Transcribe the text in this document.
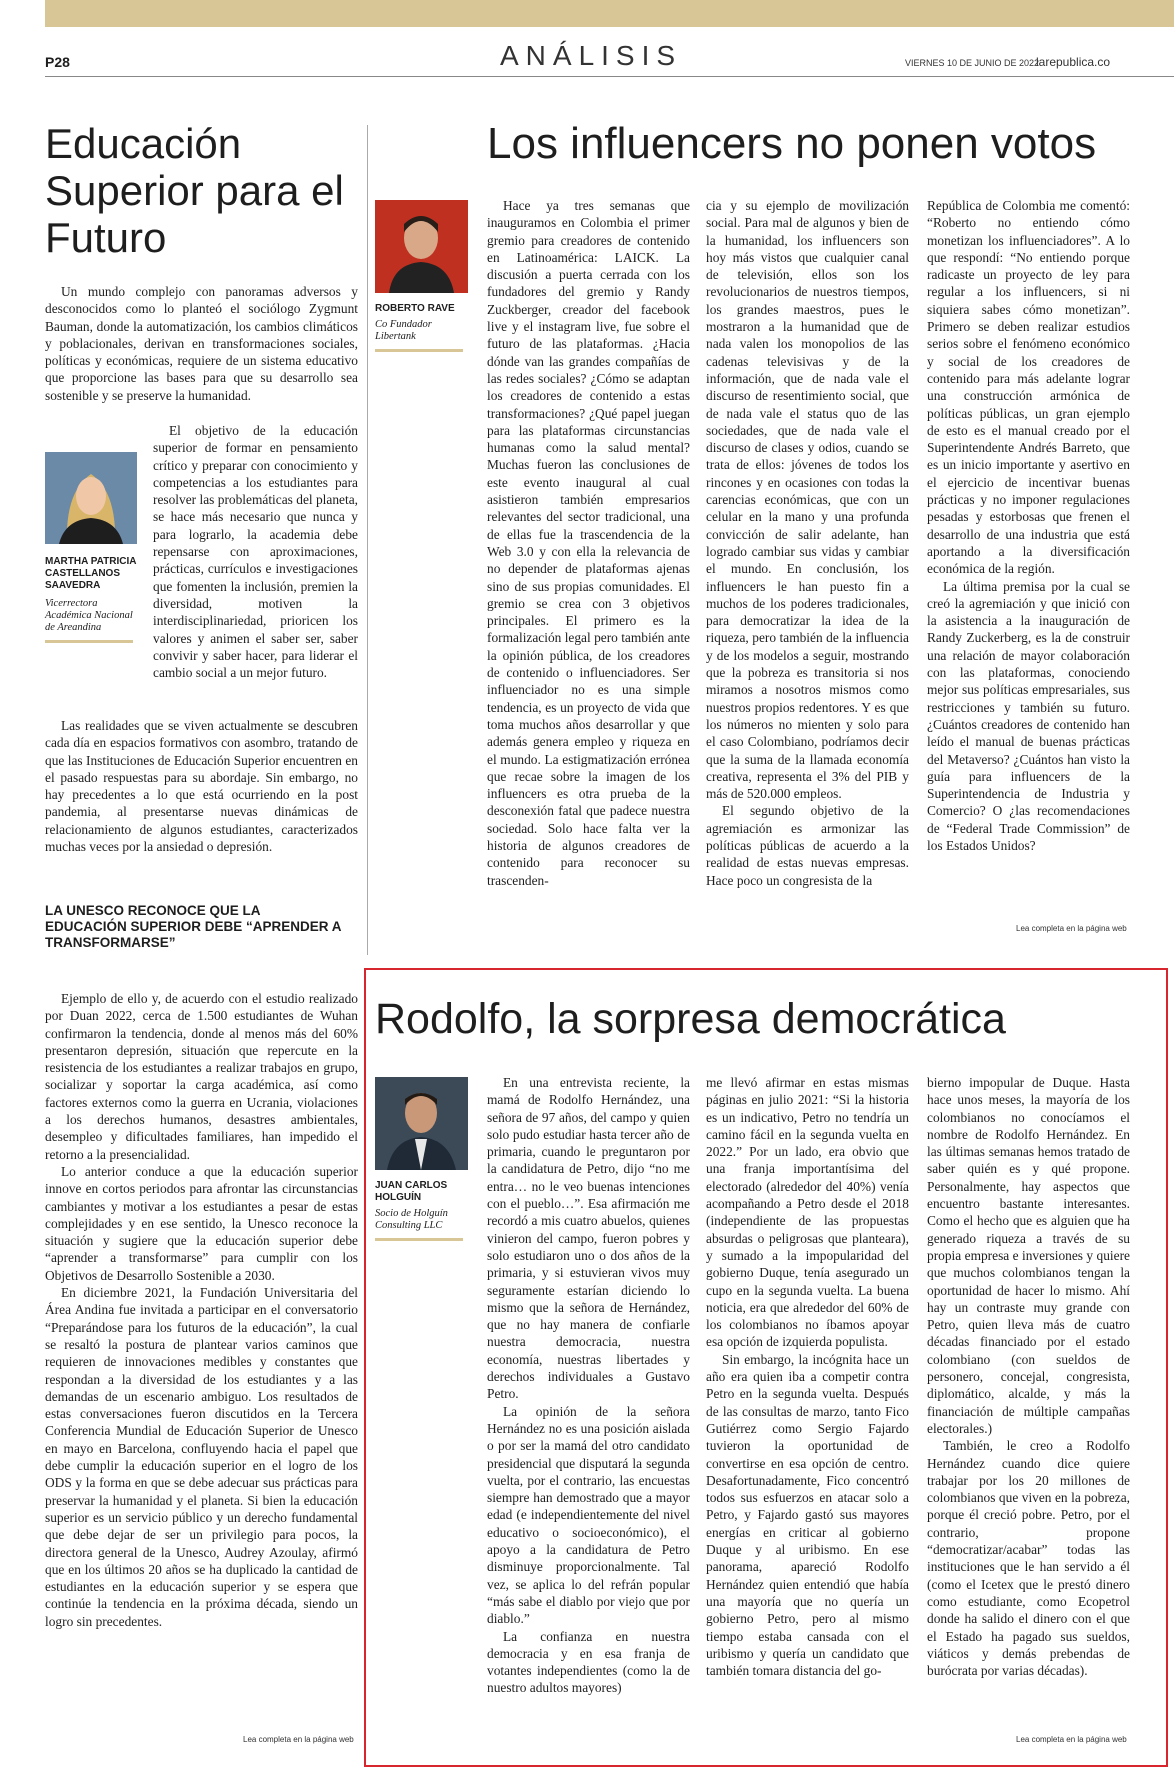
P28	ANÁLISIS	VIERNES 10 DE JUNIO DE 2022
larepublica.co
Educación Superior para el Futuro

Un mundo complejo con panoramas adversos y desconocidos como lo planteó el sociólogo Zygmunt Bauman, donde la automatización, los cambios climáticos y poblacionales, derivan en transformaciones sociales, políticas y económicas, requiere de un sistema educativo que proporcione las bases para que su desarrollo sea sostenible y se preserve la humanidad.

MARTHA PATRICIA CASTELLANOS SAAVEDRA
Vicerrectora Académica Nacional de Areandina

El objetivo de la educación superior de formar en pensamiento crítico y preparar con conocimiento y competencias a los estudiantes para resolver las problemáticas del planeta, se hace más necesario que nunca y para lograrlo, la academia debe repensarse con aproximaciones, prácticas, currículos e investigaciones que fomenten la inclusión, premien la diversidad, motiven la interdisciplinariedad, prioricen los valores y animen el saber ser, saber convivir y saber hacer, para liderar el cambio social a un mejor futuro.

Las realidades que se viven actualmente se descubren cada día en espacios formativos con asombro, tratando de que las Instituciones de Educación Superior encuentren en el pasado respuestas para su abordaje. Sin embargo, no hay precedentes a lo que está ocurriendo en la post pandemia, al presentarse nuevas dinámicas de relacionamiento de algunos estudiantes, caracterizados muchas veces por la ansiedad o depresión.

LA UNESCO RECONOCE QUE LA EDUCACIÓN SUPERIOR DEBE “APRENDER A TRANSFORMARSE”

Ejemplo de ello y, de acuerdo con el estudio realizado por Duan 2022, cerca de 1.500 estudiantes de Wuhan confirmaron la tendencia, donde al menos más del 60% presentaron depresión, situación que repercute en la resistencia de los estudiantes a realizar trabajos en grupo, socializar y soportar la carga académica, así como factores externos como la guerra en Ucrania, violaciones a los derechos humanos, desastres ambientales, desempleo y dificultades familiares, han impedido el retorno a la presencialidad.

Lo anterior conduce a que la educación superior innove en cortos periodos para afrontar las circunstancias cambiantes y motivar a los estudiantes a pesar de estas complejidades y en ese sentido, la Unesco reconoce la situación y sugiere que la educación superior debe “aprender a transformarse” para cumplir con los Objetivos de Desarrollo Sostenible a 2030.

En diciembre 2021, la Fundación Universitaria del Área Andina fue invitada a participar en el conversatorio “Preparándose para los futuros de la educación”, la cual se resaltó la postura de plantear varios caminos que requieren de innovaciones medibles y constantes que respondan a la diversidad de los estudiantes y a las demandas de un escenario ambiguo. Los resultados de estas conversaciones fueron discutidos en la Tercera Conferencia Mundial de Educación Superior de Unesco en mayo en Barcelona, confluyendo hacia el papel que debe cumplir la educación superior en el logro de los ODS y la forma en que se debe adecuar sus prácticas para preservar la humanidad y el planeta. Si bien la educación superior es un servicio público y un derecho fundamental que debe dejar de ser un privilegio para pocos, la directora general de la Unesco, Audrey Azoulay, afirmó que en los últimos 20 años se ha duplicado la cantidad de estudiantes en la educación superior y se espera que continúe la tendencia en la próxima década, siendo un logro sin precedentes.

Lea completa en la página web
Los influencers no ponen votos
ROBERTO RAVE
Co Fundador Libertank

Hace ya tres semanas que inauguramos en Colombia el primer gremio para creadores de contenido en Latinoamérica: LAICK. La discusión a puerta cerrada con los fundadores del gremio y Randy Zuckberger, creador del facebook live y el instagram live, fue sobre el futuro de las plataformas. ¿Hacia dónde van las grandes compañías de las redes sociales? ¿Cómo se adaptan los creadores de contenido a estas transformaciones? ¿Qué papel juegan para las plataformas circunstancias humanas como la salud mental? Muchas fueron las conclusiones de este evento inaugural al cual asistieron también empresarios relevantes del sector tradicional, una de ellas fue la trascendencia de la Web 3.0 y con ella la relevancia de no depender de plataformas ajenas sino de sus propias comunidades. El gremio se crea con 3 objetivos principales. El primero es la formalización legal pero también ante la opinión pública, de los creadores de contenido o influenciadores. Ser influenciador no es una simple tendencia, es un proyecto de vida que toma muchos años desarrollar y que además genera empleo y riqueza en el mundo. La estigmatización errónea que recae sobre la imagen de los influencers es otra prueba de la desconexión fatal que padece nuestra sociedad. Solo hace falta ver la historia de algunos creadores de contenido para reconocer su trascenden-

cia y su ejemplo de movilización social. Para mal de algunos y bien de la humanidad, los influencers son hoy más vistos que cualquier canal de televisión, ellos son los revolucionarios de nuestros tiempos, los grandes maestros, pues le mostraron a la humanidad que de nada valen los monopolios de las cadenas televisivas y de la información, que de nada vale el discurso de resentimiento social, que de nada vale el status quo de las sociedades, que de nada vale el discurso de clases y odios, cuando se trata de ellos: jóvenes de todos los rincones y en ocasiones con todas la carencias económicas, que con un celular en la mano y una profunda convicción de salir adelante, han logrado cambiar sus vidas y cambiar el mundo. En conclusión, los influencers le han puesto fin a muchos de los poderes tradicionales, para democratizar la idea de la riqueza, pero también de la influencia y de los modelos a seguir, mostrando que la pobreza es transitoria si nos miramos a nosotros mismos como nuestros propios redentores. Y es que los números no mienten y solo para el caso Colombiano, podríamos decir que la suma de la llamada economía creativa, representa el 3% del PIB y más de 520.000 empleos.

El segundo objetivo de la agremiación es armonizar las políticas públicas de acuerdo a la realidad de estas nuevas empresas. Hace poco un congresista de la

República de Colombia me comentó: “Roberto no entiendo cómo monetizan los influenciadores”. A lo que respondí: “No entiendo porque radicaste un proyecto de ley para regular a los influencers, si ni siquiera sabes cómo monetizan”. Primero se deben realizar estudios serios sobre el fenómeno económico y social de los creadores de contenido para más adelante lograr una construcción armónica de políticas públicas, un gran ejemplo de esto es el manual creado por el Superintendente Andrés Barreto, que es un inicio importante y asertivo en el ejercicio de incentivar buenas prácticas y no imponer regulaciones pesadas y estorbosas que frenen el desarrollo de una industria que está aportando a la diversificación económica de la región.

La última premisa por la cual se creó la agremiación y que inició con la asistencia a la inauguración de Randy Zuckerberg, es la de construir una relación de mayor colaboración con las plataformas, conociendo mejor sus políticas empresariales, sus restricciones y también su futuro. ¿Cuántos creadores de contenido han leído el manual de buenas prácticas del Metaverso? ¿Cuántos han visto la guía para influencers de la Superintendencia de Industria y Comercio? O ¿las recomendaciones de “Federal Trade Commission” de los Estados Unidos?

Lea completa en la página web
Rodolfo, la sorpresa democrática
JUAN CARLOS HOLGUÍN
Socio de Holguín Consulting LLC

En una entrevista reciente, la mamá de Rodolfo Hernández, una señora de 97 años, del campo y quien solo pudo estudiar hasta tercer año de primaria, cuando le preguntaron por la candidatura de Petro, dijo “no me entra… no le veo buenas intenciones con el pueblo…”. Esa afirmación me recordó a mis cuatro abuelos, quienes vinieron del campo, fueron pobres y solo estudiaron uno o dos años de la primaria, y si estuvieran vivos muy seguramente estarían diciendo lo mismo que la señora de Hernández, que no hay manera de confiarle nuestra democracia, nuestra economía, nuestras libertades y derechos individuales a Gustavo Petro.

La opinión de la señora Hernández no es una posición aislada o por ser la mamá del otro candidato presidencial que disputará la segunda vuelta, por el contrario, las encuestas siempre han demostrado que a mayor edad (e independientemente del nivel educativo o socioeconómico), el apoyo a la candidatura de Petro disminuye proporcionalmente. Tal vez, se aplica lo del refrán popular “más sabe el diablo por viejo que por diablo.”

La confianza en nuestra democracia y en esa franja de votantes independientes (como la de nuestro adultos mayores)

me llevó afirmar en estas mismas páginas en julio 2021: “Si la historia es un indicativo, Petro no tendría un camino fácil en la segunda vuelta en 2022.” Por un lado, era obvio que una franja importantísima del electorado (alrededor del 40%) venía acompañando a Petro desde el 2018 (independiente de las propuestas absurdas o peligrosas que planteara), y sumado a la impopularidad del gobierno Duque, tenía asegurado un cupo en la segunda vuelta. La buena noticia, era que alrededor del 60% de los colombianos no íbamos apoyar esa opción de izquierda populista.

Sin embargo, la incógnita hace un año era quien iba a competir contra Petro en la segunda vuelta. Después de las consultas de marzo, tanto Fico Gutiérrez como Sergio Fajardo tuvieron la oportunidad de convertirse en esa opción de centro. Desafortunadamente, Fico concentró todos sus esfuerzos en atacar solo a Petro, y Fajardo gastó sus mayores energías en criticar al gobierno Duque y al uribismo. En ese panorama, apareció Rodolfo Hernández quien entendió que había una mayoría que no quería un gobierno Petro, pero al mismo tiempo estaba cansada con el uribismo y quería un candidato que también tomara distancia del go-

bierno impopular de Duque. Hasta hace unos meses, la mayoría de los colombianos no conocíamos el nombre de Rodolfo Hernández. En las últimas semanas hemos tratado de saber quién es y qué propone. Personalmente, hay aspectos que encuentro bastante interesantes. Como el hecho que es alguien que ha generado riqueza a través de su propia empresa e inversiones y quiere que muchos colombianos tengan la oportunidad de hacer lo mismo. Ahí hay un contraste muy grande con Petro, quien lleva más de cuatro décadas financiado por el estado colombiano (con sueldos de personero, concejal, congresista, diplomático, alcalde, y más la financiación de múltiple campañas electorales.)

También, le creo a Rodolfo Hernández cuando dice quiere trabajar por los 20 millones de colombianos que viven en la pobreza, porque él creció pobre. Petro, por el contrario, propone “democratizar/acabar” todas las instituciones que le han servido a él (como el Icetex que le prestó dinero como estudiante, como Ecopetrol donde ha salido el dinero con el que el Estado ha pagado sus sueldos, viáticos y demás prebendas de burócrata por varias décadas).

Lea completa en la página web
